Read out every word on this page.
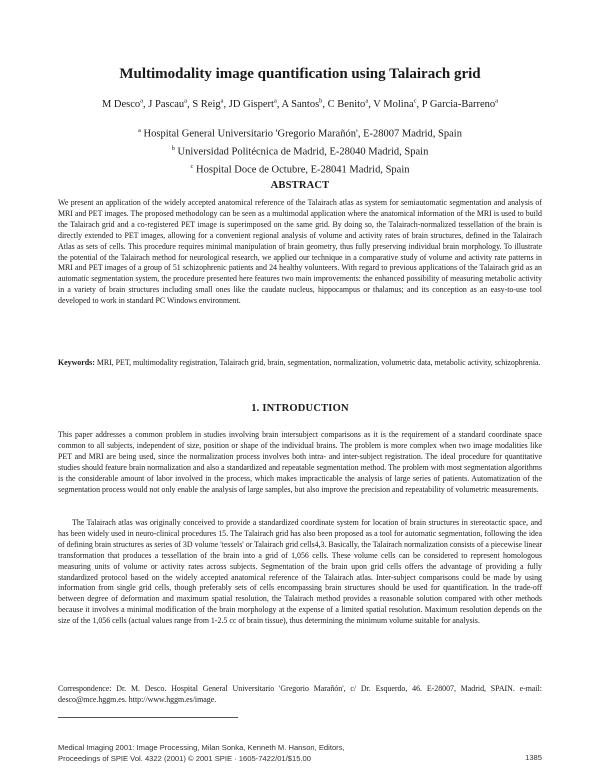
Multimodality image quantification using Talairach grid
M Desco$^a$, J Pascau$^a$, S Reig$^a$, JD Gispert$^a$, A Santos$^b$, C Benito$^a$, V Molina$^c$, P Garcia-Barreno$^a$
$^a$ Hospital General Universitario 'Gregorio Marañón', E-28007 Madrid, Spain
$^b$ Universidad Politécnica de Madrid, E-28040 Madrid, Spain
$^c$ Hospital Doce de Octubre, E-28041 Madrid, Spain
ABSTRACT

We present an application of the widely accepted anatomical reference of the Talairach atlas as system for semiautomatic segmentation and analysis of MRI and PET images. The proposed methodology can be seen as a multimodal application where the anatomical information of the MRI is used to build the Talairach grid and a co-registered PET image is superimposed on the same grid. By doing so, the Talairach-normalized tessellation of the brain is directly extended to PET images, allowing for a convenient regional analysis of volume and activity rates of brain structures, defined in the Talairach Atlas as sets of cells. This procedure requires minimal manipulation of brain geometry, thus fully preserving individual brain morphology. To illustrate the potential of the Talairach method for neurological research, we applied our technique in a comparative study of volume and activity rate patterns in MRI and PET images of a group of 51 schizophrenic patients and 24 healthy volunteers. With regard to previous applications of the Talairach grid as an automatic segmentation system, the procedure presented here features two main improvements: the enhanced possibility of measuring metabolic activity in a variety of brain structures including small ones like the caudate nucleus, hippocampus or thalamus; and its conception as an easy-to-use tool developed to work in standard PC Windows environment.

Keywords: MRI, PET, multimodality registration, Talairach grid, brain, segmentation, normalization, volumetric data, metabolic activity, schizophrenia.

1. INTRODUCTION

This paper addresses a common problem in studies involving brain intersubject comparisons as it is the requirement of a standard coordinate space common to all subjects, independent of size, position or shape of the individual brains. The problem is more complex when two image modalities like PET and MRI are being used, since the normalization process involves both intra- and inter-subject registration. The ideal procedure for quantitative studies should feature brain normalization and also a standardized and repeatable segmentation method. The problem with most segmentation algorithms is the considerable amount of labor involved in the process, which makes impracticable the analysis of large series of patients. Automatization of the segmentation process would not only enable the analysis of large samples, but also improve the precision and repeatability of volumetric measurements.

The Talairach atlas was originally conceived to provide a standardized coordinate system for location of brain structures in stereotactic space, and has been widely used in neuro-clinical procedures 15. The Talairach grid has also been proposed as a tool for automatic segmentation, following the idea of defining brain structures as series of 3D volume 'tessels' or Talairach grid cells4,3. Basically, the Talairach normalization consists of a piecewise linear transformation that produces a tessellation of the brain into a grid of 1,056 cells. These volume cells can be considered to represent homologous measuring units of volume or activity rates across subjects. Segmentation of the brain upon grid cells offers the advantage of providing a fully standardized protocol based on the widely accepted anatomical reference of the Talairach atlas. Inter-subject comparisons could be made by using information from single grid cells, though preferably sets of cells encompassing brain structures should be used for quantification. In the trade-off between degree of deformation and maximum spatial resolution, the Talairach method provides a reasonable solution compared with other methods because it involves a minimal modification of the brain morphology at the expense of a limited spatial resolution. Maximum resolution depends on the size of the 1,056 cells (actual values range from 1-2.5 cc of brain tissue), thus determining the minimum volume suitable for analysis.

Correspondence: Dr. M. Desco. Hospital General Universitario 'Gregorio Marañón', c/ Dr. Esquerdo, 46. E-28007, Madrid, SPAIN. e-mail: desco@mce.hggm.es. http://www.hggm.es/image.

Medical Imaging 2001: Image Processing, Milan Sonka, Kenneth M. Hanson, Editors,
Proceedings of SPIE Vol. 4322 (2001) © 2001 SPIE · 1605-7422/01/$15.00	1385
